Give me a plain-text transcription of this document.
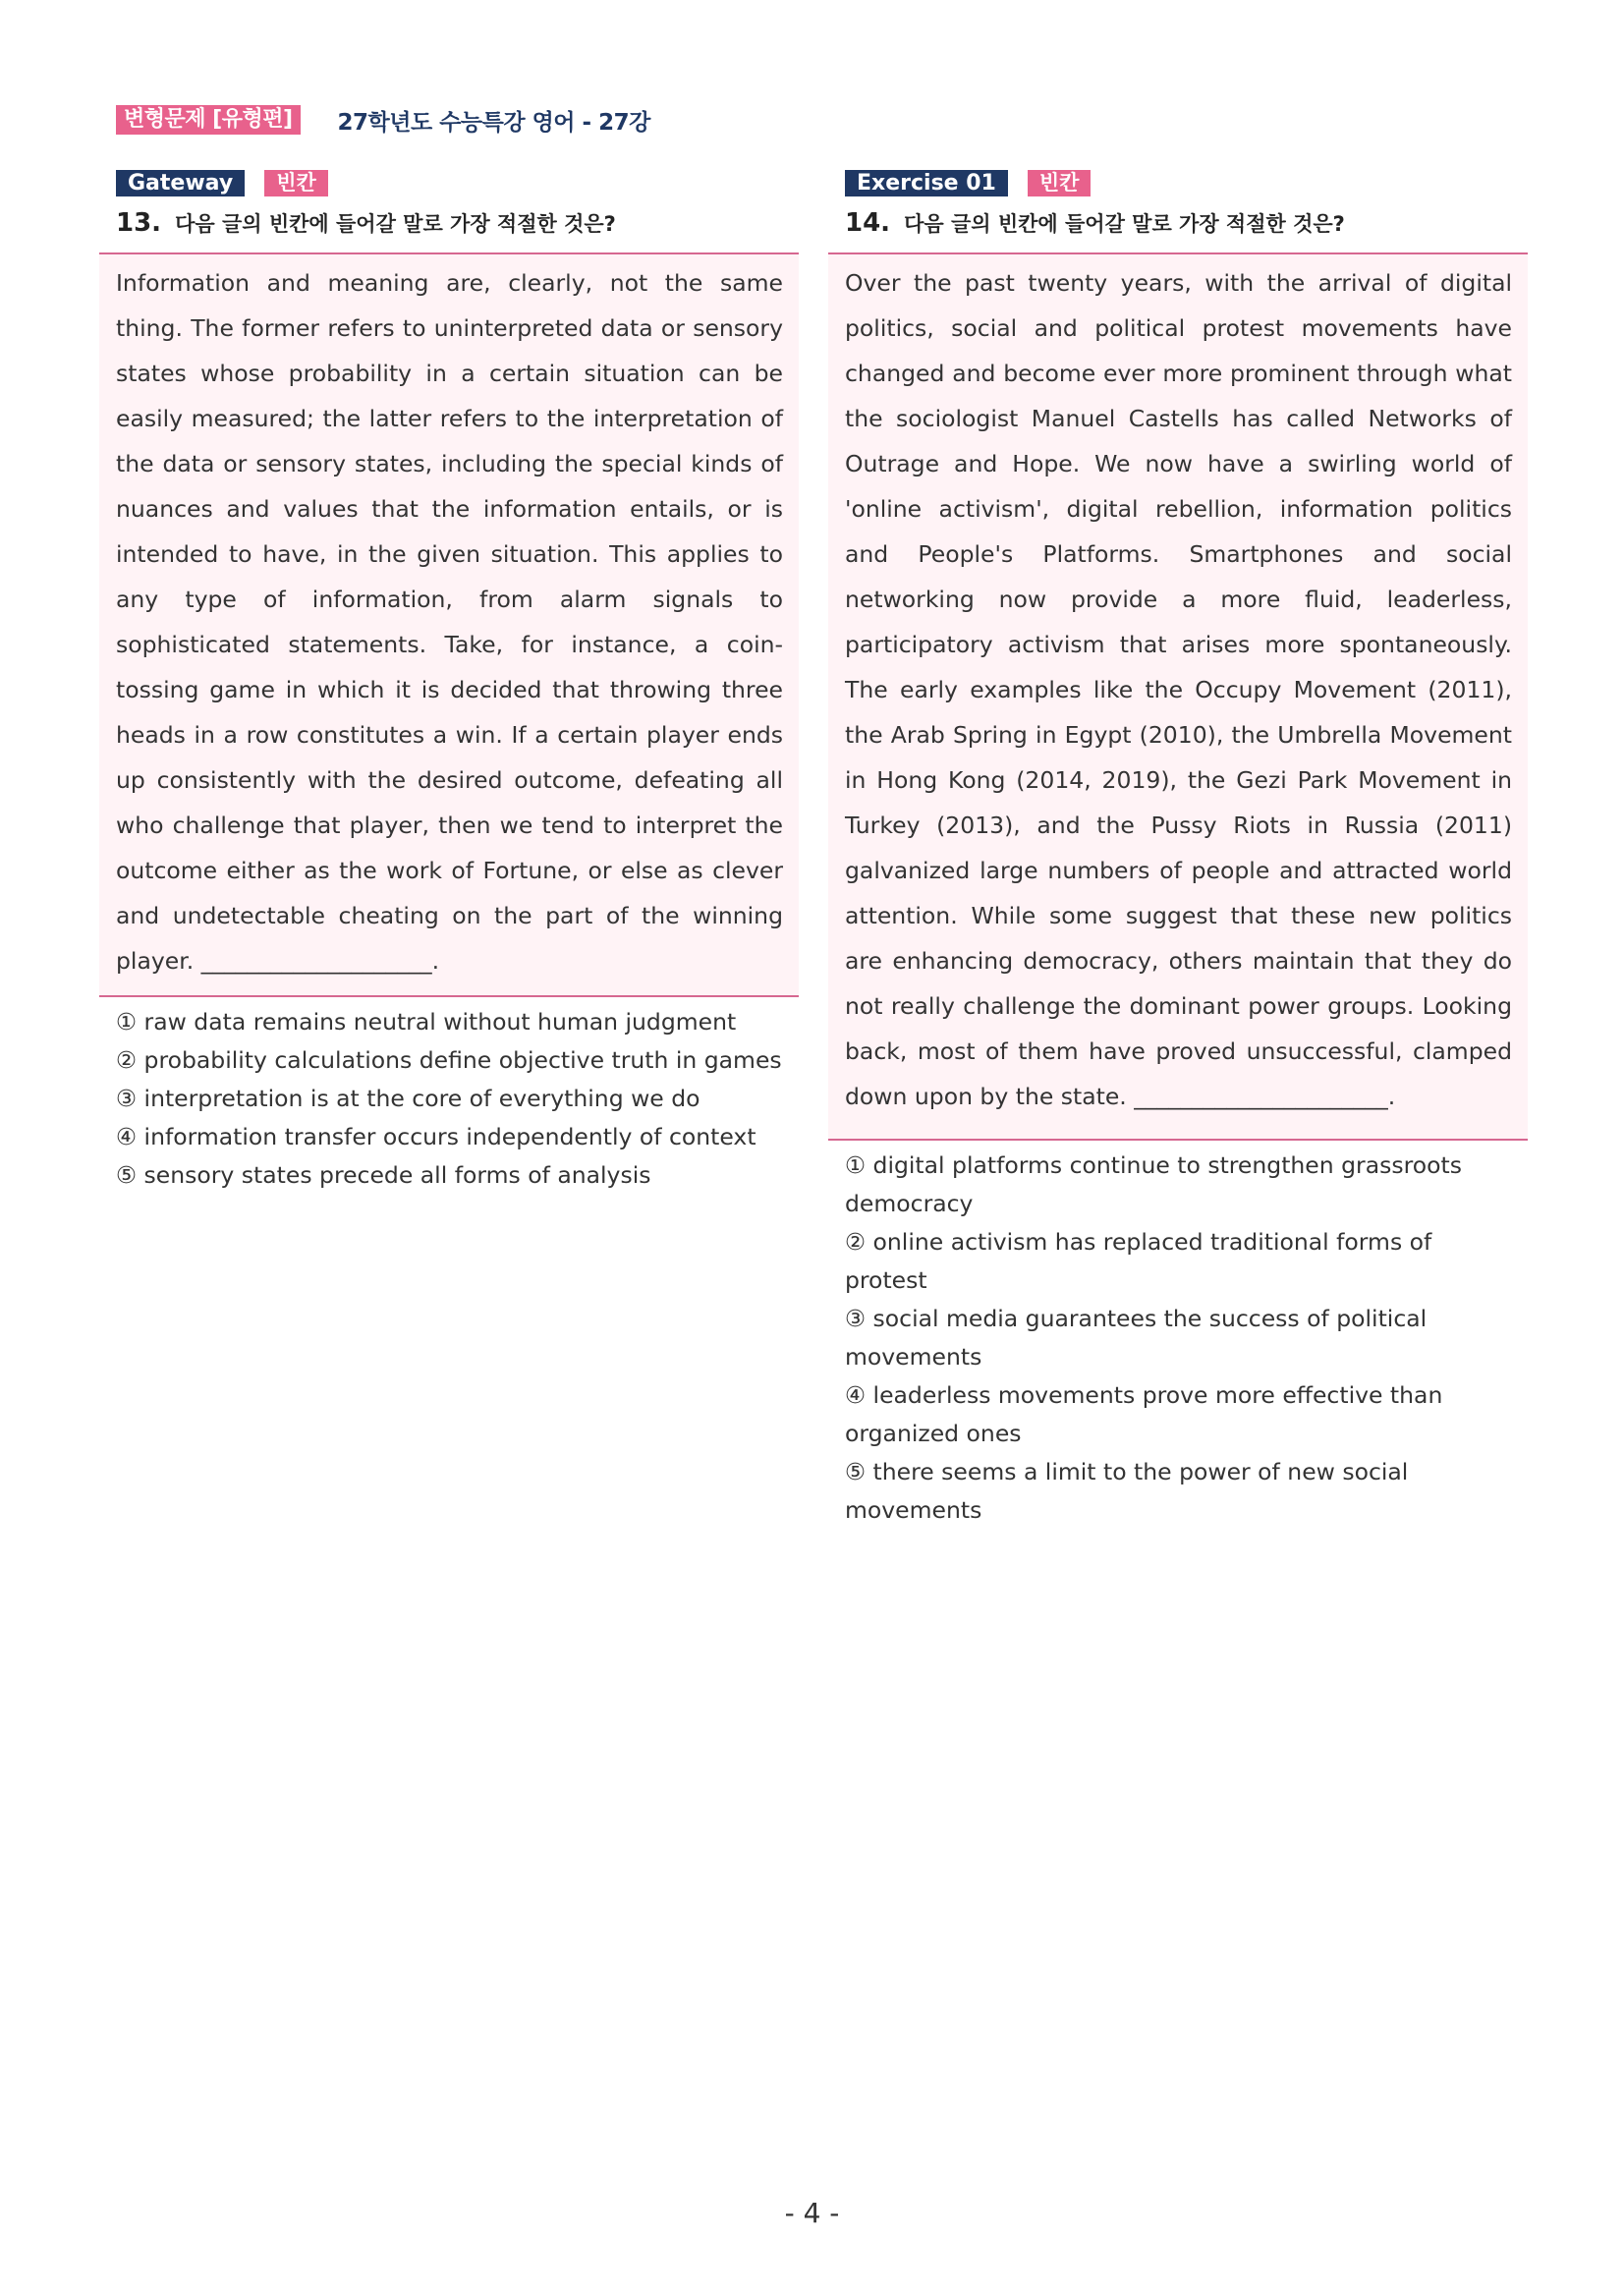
변형문제 [유형편]	27학년도 수능특강 영어 - 27강
Gateway	빈칸
13. 다음 글의 빈칸에 들어갈 말로 가장 적절한 것은?
Information and meaning are, clearly, not the same thing. The former refers to uninterpreted data or sensory states whose probability in a certain situation can be easily measured; the latter refers to the interpretation of the data or sensory states, including the special kinds of nuances and values that the information entails, or is intended to have, in the given situation. This applies to any type of information, from alarm signals to sophisticated statements. Take, for instance, a coin-tossing game in which it is decided that throwing three heads in a row constitutes a win. If a certain player ends up consistently with the desired outcome, defeating all who challenge that player, then we tend to interpret the outcome either as the work of Fortune, or else as clever and undetectable cheating on the part of the winning player. ____________________.
① raw data remains neutral without human judgment
② probability calculations define objective truth in games
③ interpretation is at the core of everything we do
④ information transfer occurs independently of context
⑤ sensory states precede all forms of analysis
Exercise 01	빈칸
14. 다음 글의 빈칸에 들어갈 말로 가장 적절한 것은?
Over the past twenty years, with the arrival of digital politics, social and political protest movements have changed and become ever more prominent through what the sociologist Manuel Castells has called Networks of Outrage and Hope. We now have a swirling world of 'online activism', digital rebellion, information politics and People's Platforms. Smartphones and social networking now provide a more fluid, leaderless, participatory activism that arises more spontaneously. The early examples like the Occupy Movement (2011), the Arab Spring in Egypt (2010), the Umbrella Movement in Hong Kong (2014, 2019), the Gezi Park Movement in Turkey (2013), and the Pussy Riots in Russia (2011) galvanized large numbers of people and attracted world attention. While some suggest that these new politics are enhancing democracy, others maintain that they do not really challenge the dominant power groups. Looking back, most of them have proved unsuccessful, clamped down upon by the state. ______________________.
① digital platforms continue to strengthen grassroots democracy
② online activism has replaced traditional forms of protest
③ social media guarantees the success of political movements
④ leaderless movements prove more effective than organized ones
⑤ there seems a limit to the power of new social movements
- 4 -
